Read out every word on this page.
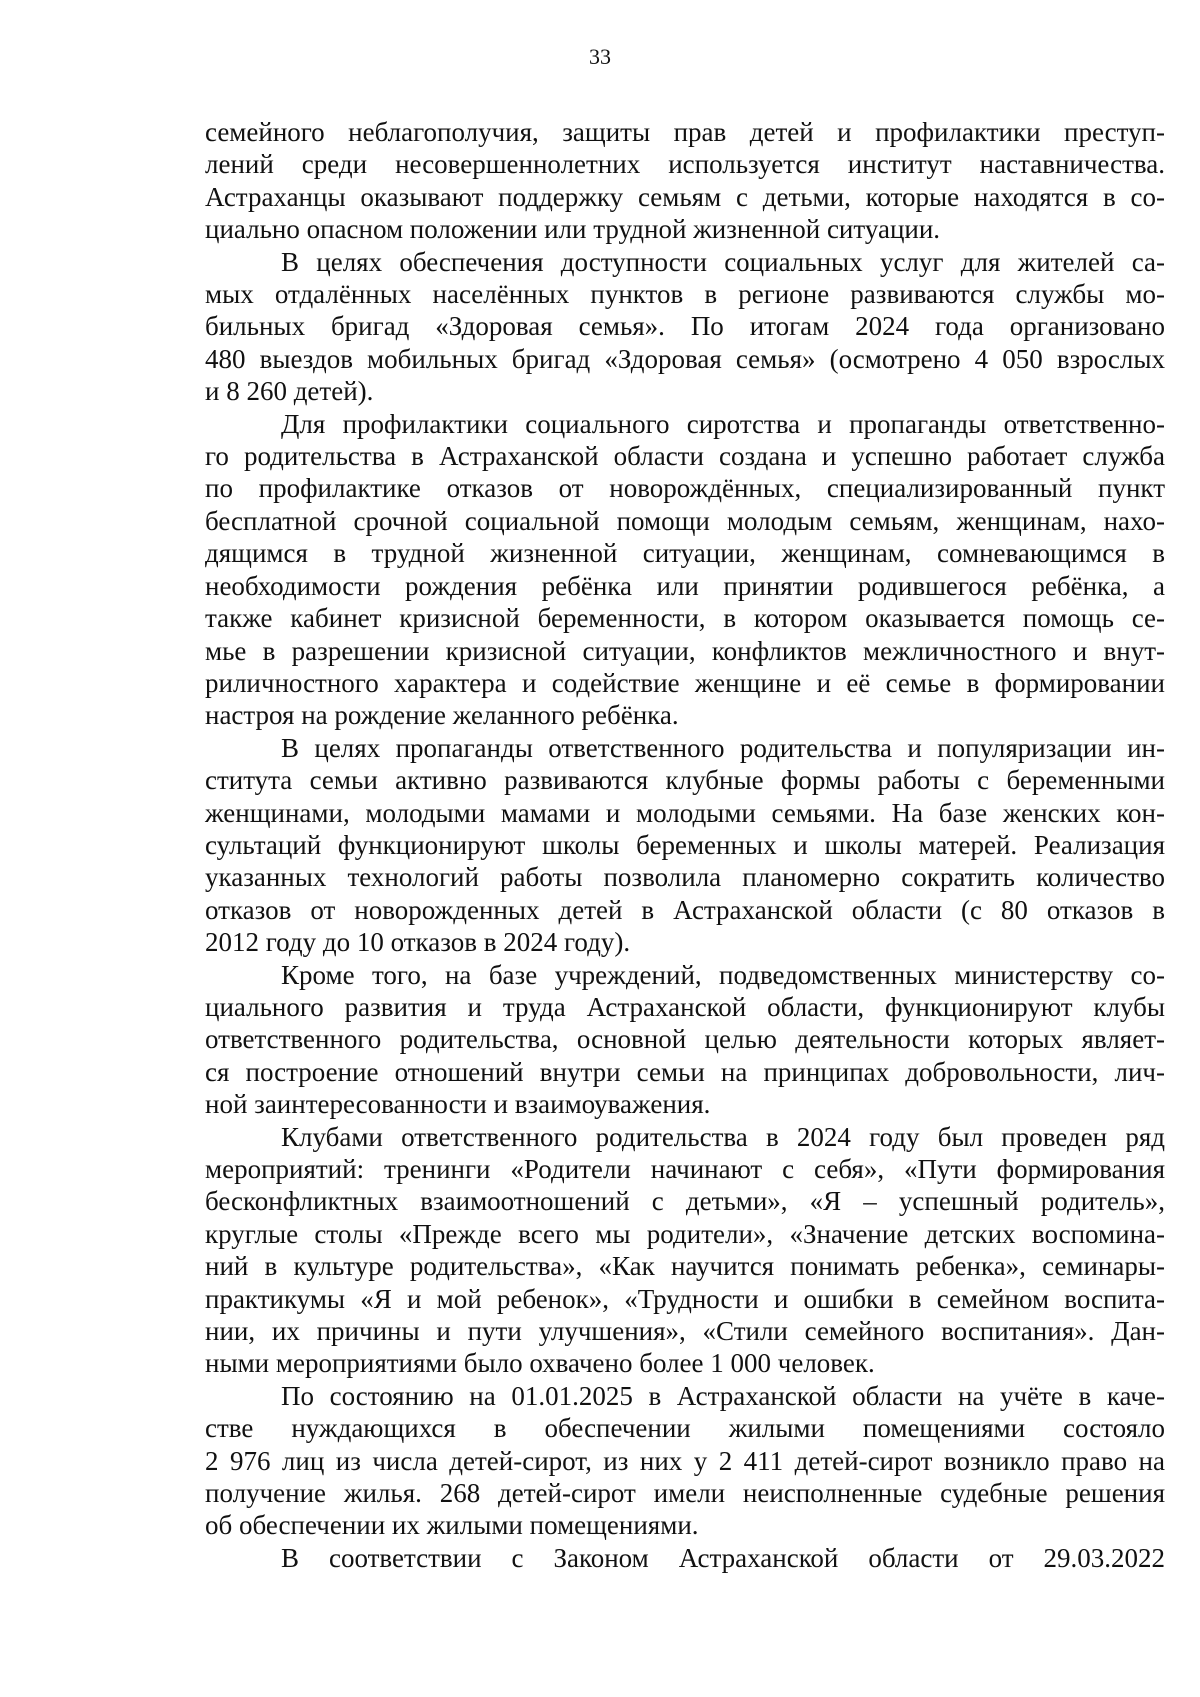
33
семейного неблагополучия, защиты прав детей и профилактики преступ-
лений среди несовершеннолетних используется институт наставничества.
Астраханцы оказывают поддержку семьям с детьми, которые находятся в со-
циально опасном положении или трудной жизненной ситуации.
В целях обеспечения доступности социальных услуг для жителей са-
мых отдалённых населённых пунктов в регионе развиваются службы мо-
бильных бригад «Здоровая семья». По итогам 2024 года организовано
480 выездов мобильных бригад «Здоровая семья» (осмотрено 4 050 взрослых
и 8 260 детей).
Для профилактики социального сиротства и пропаганды ответственно-
го родительства в Астраханской области создана и успешно работает служба
по профилактике отказов от новорождённых, специализированный пункт
бесплатной срочной социальной помощи молодым семьям, женщинам, нахо-
дящимся в трудной жизненной ситуации, женщинам, сомневающимся в
необходимости рождения ребёнка или принятии родившегося ребёнка, а
также кабинет кризисной беременности, в котором оказывается помощь се-
мье в разрешении кризисной ситуации, конфликтов межличностного и внут-
риличностного характера и содействие женщине и её семье в формировании
настроя на рождение желанного ребёнка.
В целях пропаганды ответственного родительства и популяризации ин-
ститута семьи активно развиваются клубные формы работы с беременными
женщинами, молодыми мамами и молодыми семьями. На базе женских кон-
сультаций функционируют школы беременных и школы матерей. Реализация
указанных технологий работы позволила планомерно сократить количество
отказов от новорожденных детей в Астраханской области (с 80 отказов в
2012 году до 10 отказов в 2024 году).
Кроме того, на базе учреждений, подведомственных министерству со-
циального развития и труда Астраханской области, функционируют клубы
ответственного родительства, основной целью деятельности которых являет-
ся построение отношений внутри семьи на принципах добровольности, лич-
ной заинтересованности и взаимоуважения.
Клубами ответственного родительства в 2024 году был проведен ряд
мероприятий: тренинги «Родители начинают с себя», «Пути формирования
бесконфликтных взаимоотношений с детьми», «Я – успешный родитель»,
круглые столы «Прежде всего мы родители», «Значение детских воспомина-
ний в культуре родительства», «Как научится понимать ребенка», семинары-
практикумы «Я и мой ребенок», «Трудности и ошибки в семейном воспита-
нии, их причины и пути улучшения», «Стили семейного воспитания». Дан-
ными мероприятиями было охвачено более 1 000 человек.
По состоянию на 01.01.2025 в Астраханской области на учёте в каче-
стве нуждающихся в обеспечении жилыми помещениями состояло
2 976 лиц из числа детей-сирот, из них у 2 411 детей-сирот возникло право на
получение жилья. 268 детей-сирот имели неисполненные судебные решения
об обеспечении их жилыми помещениями.
В соответствии с Законом Астраханской области от 29.03.2022
